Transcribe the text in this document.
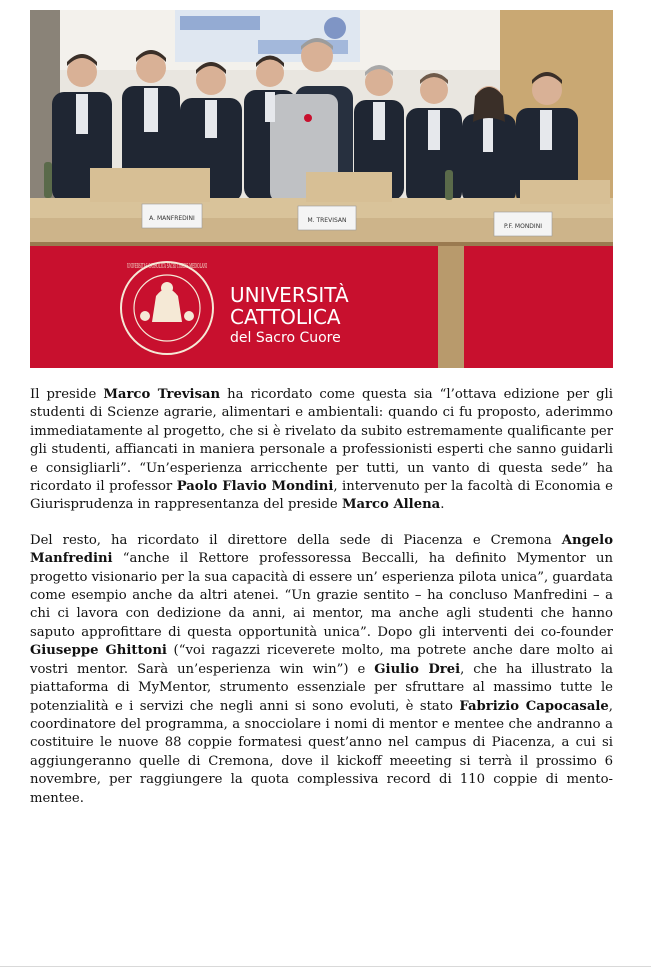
A. MANFREDINI	M. TREVISAN
P.F. MONDINI
UNIVERSITAS CATHOLICA SACRI CORDIS MEDIOLANI
UNIVERSITÀ
CATTOLICA
del Sacro Cuore

Il preside Marco Trevisan ha ricordato come questa sia “l’ottava edizione per gli studenti di Scienze agrarie, alimentari e ambientali: quando ci fu proposto, aderimmo immediatamente al progetto, che si è rivelato da subito estremamente qualificante per gli studenti, affiancati in maniera personale a professionisti esperti che sanno guidarli e consigliarli”. “Un’esperienza arricchente per tutti, un vanto di questa sede” ha ricordato il professor Paolo Flavio Mondini, intervenuto per la facoltà di Economia e Giurisprudenza in rappresentanza del preside Marco Allena.

Del resto, ha ricordato il direttore della sede di Piacenza e Cremona Angelo Manfredini “anche il Rettore professoressa Beccalli, ha definito Mymentor un progetto visionario per la sua capacità di essere un’ esperienza pilota unica”, guardata come esempio anche da altri atenei. “Un grazie sentito – ha concluso Manfredini – a chi ci lavora con dedizione da anni, ai mentor, ma anche agli studenti che hanno saputo approfittare di questa opportunità unica”. Dopo gli interventi dei co-founder Giuseppe Ghittoni (“voi ragazzi riceverete molto, ma potrete anche dare molto ai vostri mentor. Sarà un’esperienza win win”) e Giulio Drei, che ha illustrato la piattaforma di MyMentor, strumento essenziale per sfruttare al massimo tutte le potenzialità e i servizi che negli anni si sono evoluti, è stato Fabrizio Capocasale, coordinatore del programma, a snocciolare i nomi di mentor e mentee che andranno a costituire le nuove 88 coppie formatesi quest’anno nel campus di Piacenza, a cui si aggiungeranno quelle di Cremona, dove il kickoff meeeting si terrà il prossimo 6 novembre, per raggiungere la quota complessiva record di 110 coppie di mento-mentee.
